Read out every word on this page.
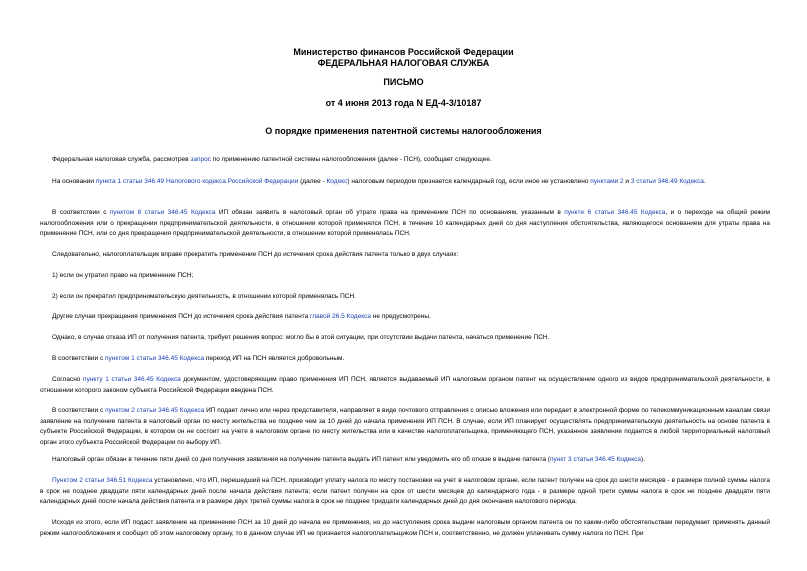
Министерство финансов Российской Федерации
ФЕДЕРАЛЬНАЯ НАЛОГОВАЯ СЛУЖБА
ПИСЬМО
от 4 июня 2013 года N ЕД-4-3/10187
О порядке применения патентной системы налогообложения
Федеральная налоговая служба, рассмотрев запрос по применению патентной системы налогообложения (далее - ПСН), сообщает следующее.
На основании пункта 1 статьи 346.49 Налогового кодекса Российской Федерации (далее - Кодекс) налоговым периодом признается календарный год, если иное не установлено пунктами 2 и 3 статьи 346.49 Кодекса.
В соответствии с пунктом 8 статьи 346.45 Кодекса ИП обязан заявить в налоговый орган об утрате права на применение ПСН по основаниям, указанным в пункте 6 статьи 346.45 Кодекса, и о переходе на общий режим налогообложения или о прекращении предпринимательской деятельности, в отношении которой применялся ПСН, в течение 10 календарных дней со дня наступления обстоятельства, являющегося основанием для утраты права на применение ПСН, или со дня прекращения предпринимательской деятельности, в отношении которой применялась ПСН.
Следовательно, налогоплательщик вправе прекратить применение ПСН до истечения срока действия патента только в двух случаях:
1) если он утратил право на применение ПСН;
2) если он прекратил предпринимательскую деятельность, в отношении которой применялась ПСН.
Другие случаи прекращения применения ПСН до истечения срока действия патента главой 26.5 Кодекса не предусмотрены.
Однако, в случае отказа ИП от получения патента, требует решения вопрос: могло бы в этой ситуации, при отсутствии выдачи патента, начаться применение ПСН.
В соответствии с пунктом 1 статьи 346.45 Кодекса переход ИП на ПСН является добровольным.
Согласно пункту 1 статьи 346.45 Кодекса документом, удостоверяющим право применения ИП ПСН, является выдаваемый ИП налоговым органом патент на осуществление одного из видов предпринимательской деятельности, в отношении которого законом субъекта Российской Федерации введена ПСН.
В соответствии с пунктом 2 статьи 346.45 Кодекса ИП подает лично или через представителя, направляет в виде почтового отправления с описью вложения или передает в электронной форме по телекоммуникационным каналам связи заявление на получение патента в налоговый орган по месту жительства не позднее чем за 10 дней до начала применения ИП ПСН. В случае, если ИП планирует осуществлять предпринимательскую деятельность на основе патента в субъекте Российской Федерации, в котором он не состоит на учете в налоговом органе по месту жительства или в качестве налогоплательщика, применяющего ПСН, указанное заявление подается в любой территориальный налоговый орган этого субъекта Российской Федерации по выбору ИП.
Налоговый орган обязан в течение пяти дней со дня получения заявления на получение патента выдать ИП патент или уведомить его об отказе в выдаче патента (пункт 3 статьи 346.45 Кодекса).
Пунктом 2 статьи 346.51 Кодекса установлено, что ИП, перешедший на ПСН, производит уплату налога по месту постановки на учет в налоговом органе, если патент получен на срок до шести месяцев - в размере полной суммы налога в срок не позднее двадцати пяти календарных дней после начала действия патента; если патент получен на срок от шести месяцев до календарного года - в размере одной трети суммы налога в срок не позднее двадцати пяти календарных дней после начала действия патента и в размере двух третей суммы налога в срок не позднее тридцати календарных дней до дня окончания налогового периода.
Исходя из этого, если ИП подаст заявление на применение ПСН за 10 дней до начала ее применения, но до наступления срока выдачи налоговым органом патента он по каким-либо обстоятельствам передумает применять данный режим налогообложения и сообщит об этом налоговому органу, то в данном случае ИП не признается налогоплательщиком ПСН и, соответственно, не должен уплачивать сумму налога по ПСН. При
